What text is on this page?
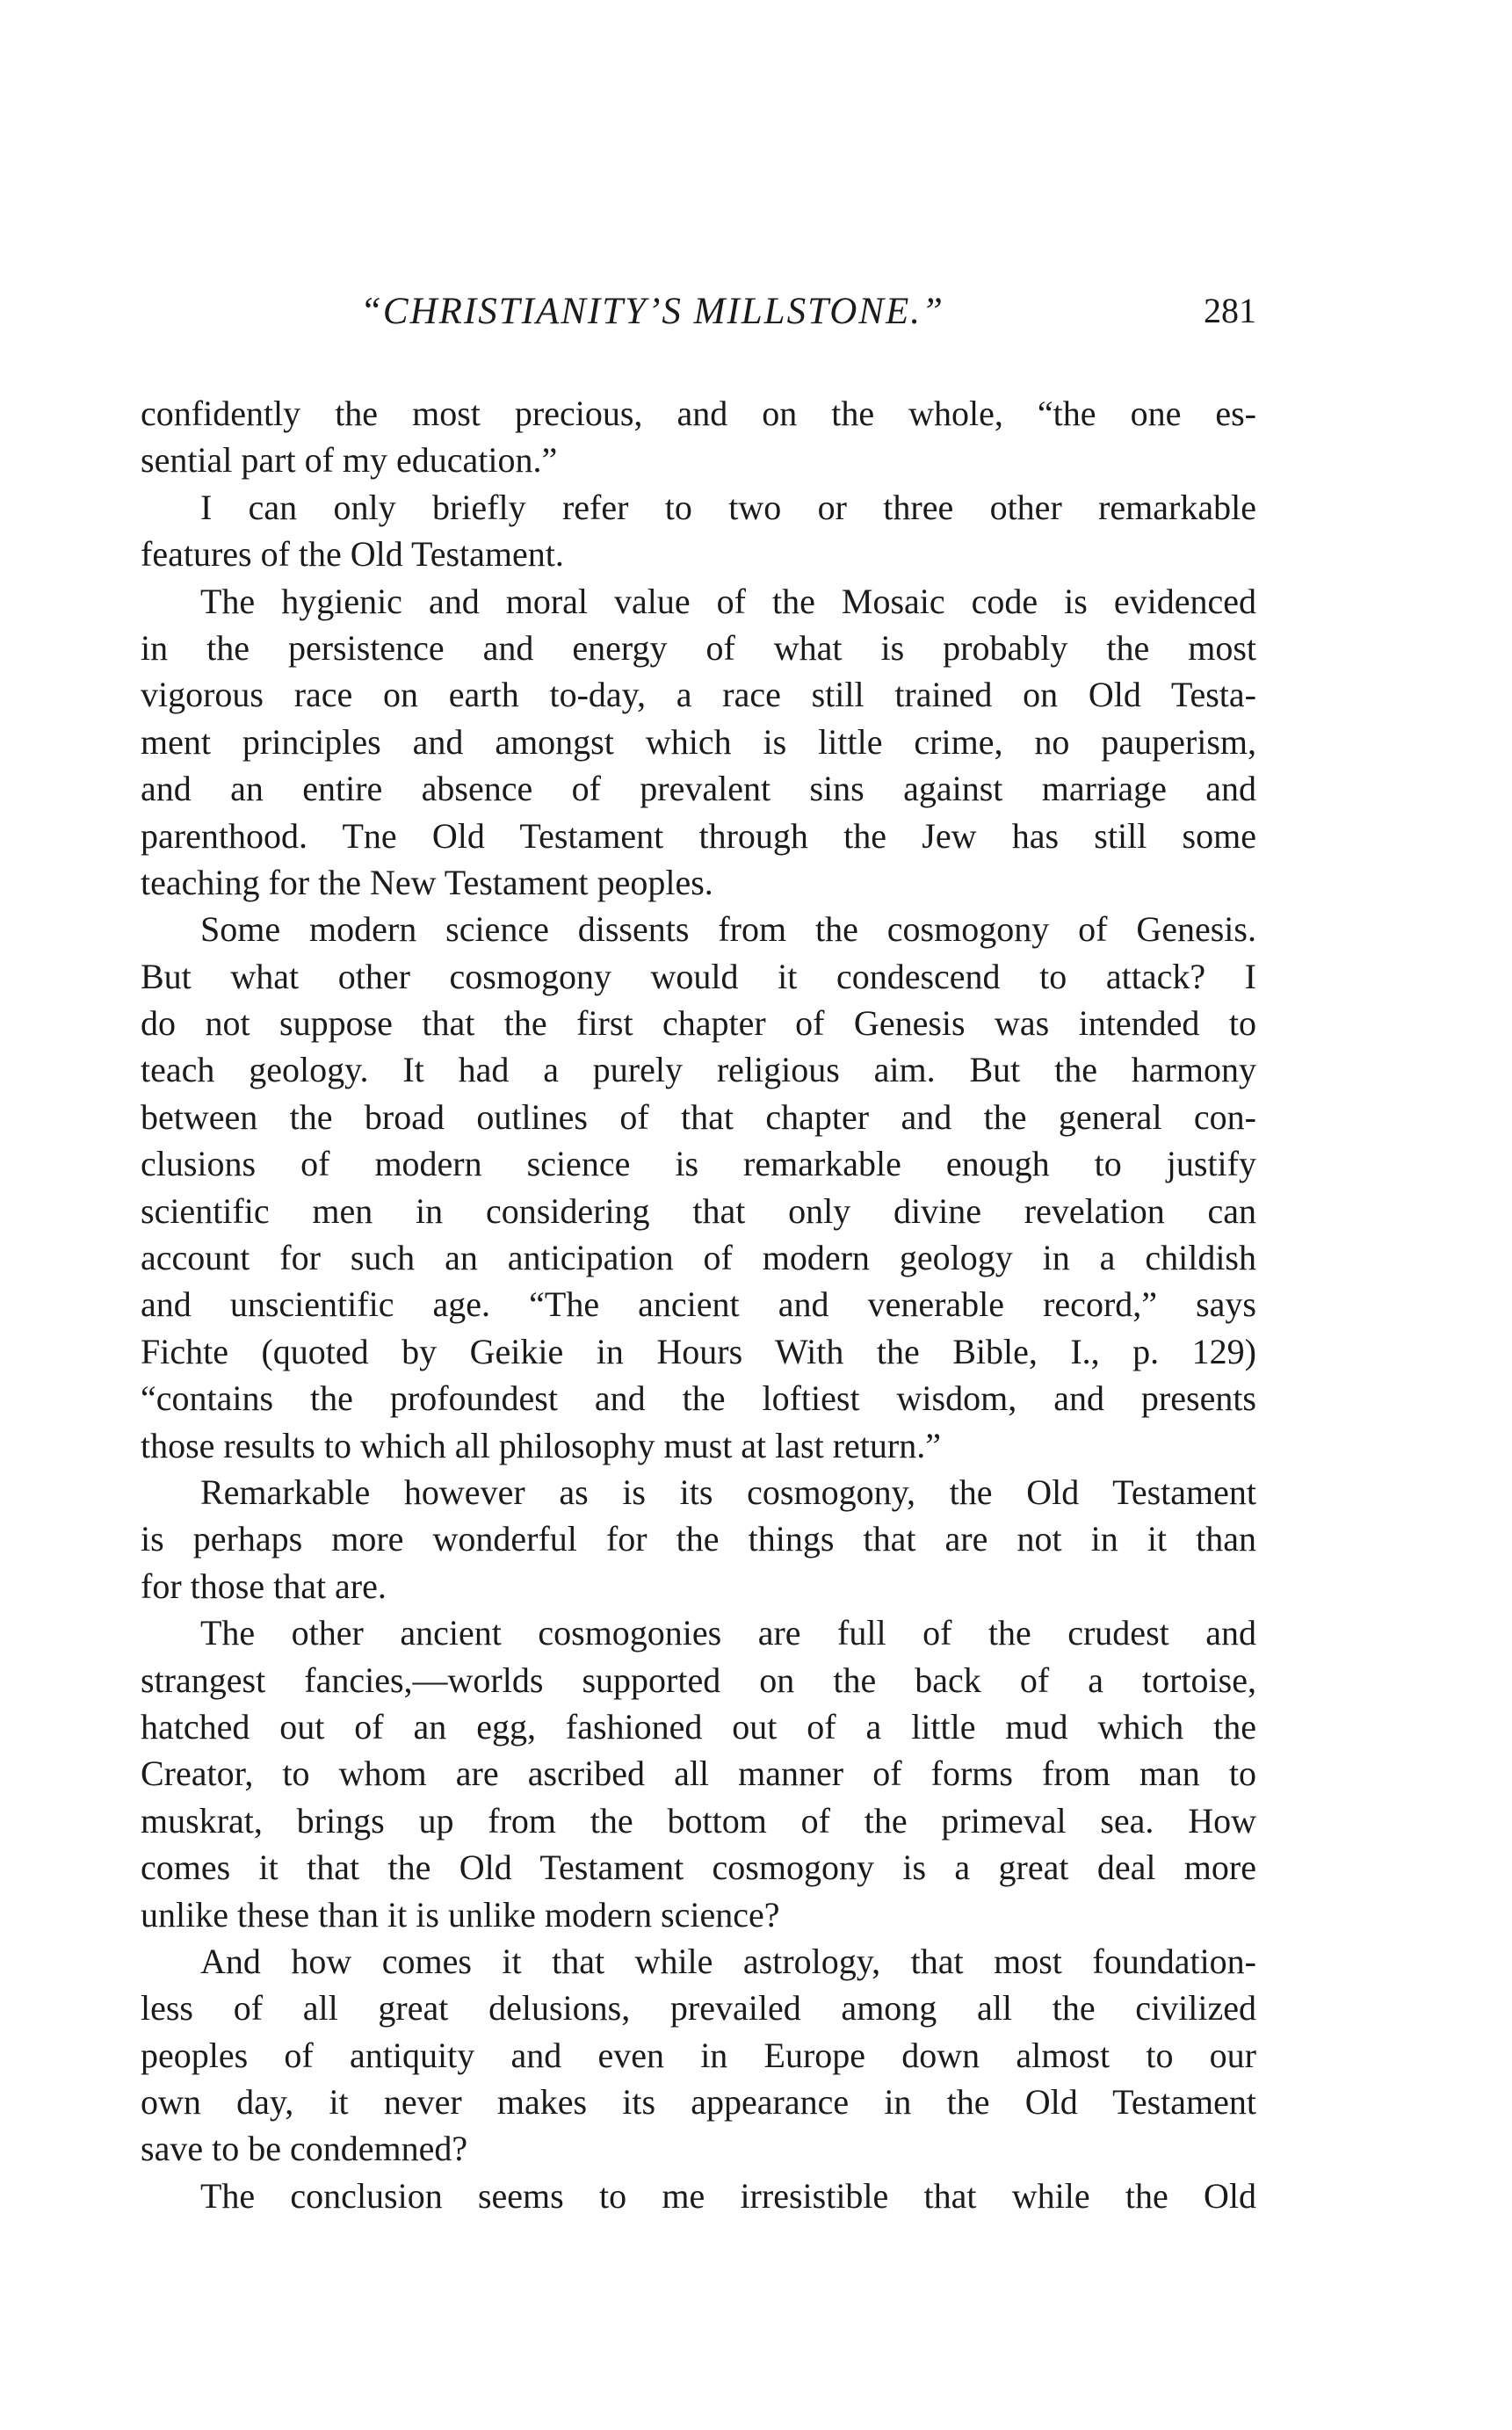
“CHRISTIANITY’S MILLSTONE.”	281
confidently the most precious, and on the whole, “the one es-
sential part of my education.”
I can only briefly refer to two or three other remarkable
features of the Old Testament.
The hygienic and moral value of the Mosaic code is evidenced
in the persistence and energy of what is probably the most
vigorous race on earth to-day, a race still trained on Old Testa-
ment principles and amongst which is little crime, no pauperism,
and an entire absence of prevalent sins against marriage and
parenthood. Tne Old Testament through the Jew has still some
teaching for the New Testament peoples.
Some modern science dissents from the cosmogony of Genesis.
But what other cosmogony would it condescend to attack? I
do not suppose that the first chapter of Genesis was intended to
teach geology. It had a purely religious aim. But the harmony
between the broad outlines of that chapter and the general con-
clusions of modern science is remarkable enough to justify
scientific men in considering that only divine revelation can
account for such an anticipation of modern geology in a childish
and unscientific age. “The ancient and venerable record,” says
Fichte (quoted by Geikie in Hours With the Bible, I., p. 129)
“contains the profoundest and the loftiest wisdom, and presents
those results to which all philosophy must at last return.”
Remarkable however as is its cosmogony, the Old Testament
is perhaps more wonderful for the things that are not in it than
for those that are.
The other ancient cosmogonies are full of the crudest and
strangest fancies,—worlds supported on the back of a tortoise,
hatched out of an egg, fashioned out of a little mud which the
Creator, to whom are ascribed all manner of forms from man to
muskrat, brings up from the bottom of the primeval sea. How
comes it that the Old Testament cosmogony is a great deal more
unlike these than it is unlike modern science?
And how comes it that while astrology, that most foundation-
less of all great delusions, prevailed among all the civilized
peoples of antiquity and even in Europe down almost to our
own day, it never makes its appearance in the Old Testament
save to be condemned?
The conclusion seems to me irresistible that while the Old
